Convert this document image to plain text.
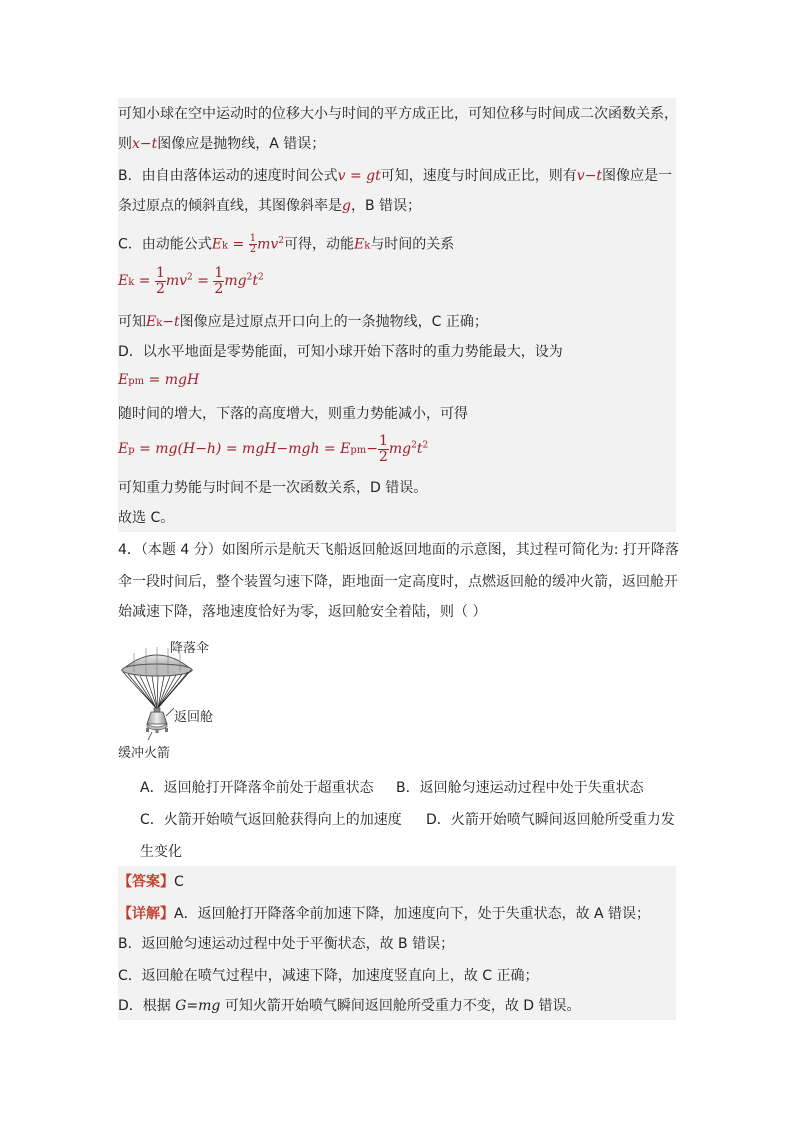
可知小球在空中运动时的位移大小与时间的平方成正比，可知位移与时间成二次函数关系，
则x−t图像应是抛物线，A 错误；
B．由自由落体运动的速度时间公式v = gt可知，速度与时间成正比，则有v−t图像应是一
条过原点的倾斜直线，其图像斜率是g，B 错误；
C．由动能公式$Ek = \frac{1}{2} mv^2$可得，动能Ek与时间的关系
$Ek = \frac{1}{2} mv^2 = \frac{1}{2} mg^2t^2$
可知Ek−t图像应是过原点开口向上的一条抛物线，C 正确；
D．以水平地面是零势能面，可知小球开始下落时的重力势能最大，设为
Epm = mgH
随时间的增大，下落的高度增大，则重力势能减小，可得
$Ep = mg(H-h) = mgH-mgh = Epm- \frac{1}{2} mg^2t^2$
可知重力势能与时间不是一次函数关系，D 错误。
故选 C。
4．（本题 4 分）如图所示是航天飞船返回舱返回地面的示意图，其过程可简化为: 打开降落
伞一段时间后，整个装置匀速下降，距地面一定高度时，点燃返回舱的缓冲火箭，返回舱开
始减速下降，落地速度恰好为零，返回舱安全着陆，则（ ）
降落伞
返回舱
缓冲火箭
A．返回舱打开降落伞前处于超重状态 B．返回舱匀速运动过程中处于失重状态
C．火箭开始喷气返回舱获得向上的加速度 D．火箭开始喷气瞬间返回舱所受重力发
生变化
【答案】C
【详解】A．返回舱打开降落伞前加速下降，加速度向下，处于失重状态，故 A 错误；
B．返回舱匀速运动过程中处于平衡状态，故 B 错误；
C．返回舱在喷气过程中，减速下降，加速度竖直向上，故 C 正确；
D．根据 G=mg 可知火箭开始喷气瞬间返回舱所受重力不变，故 D 错误。
